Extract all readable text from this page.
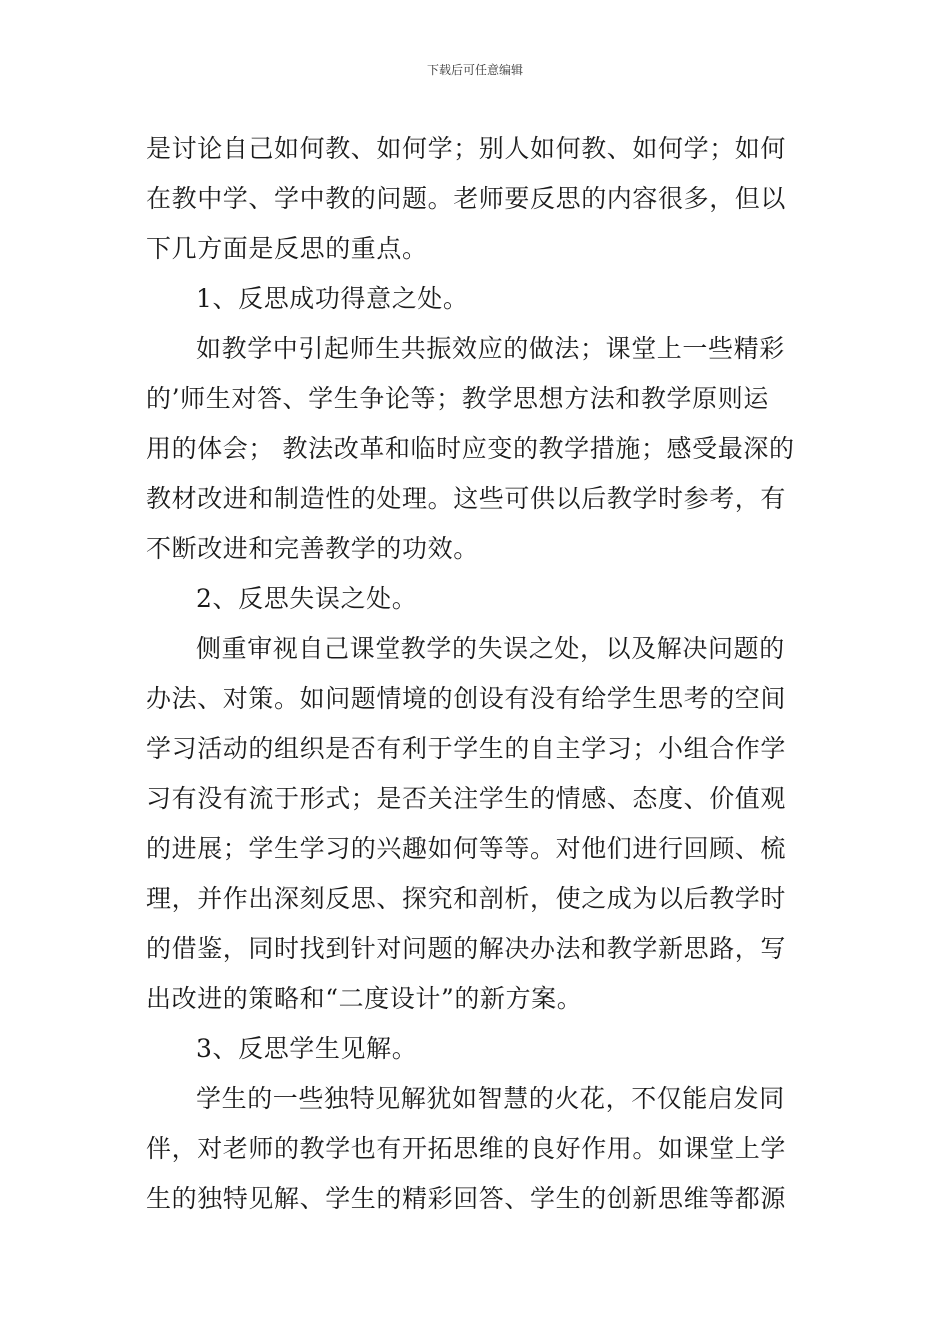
下载后可任意编辑
是讨论自己如何教、如何学；别人如何教、如何学；如何
在教中学、学中教的问题。老师要反思的内容很多，但以
下几方面是反思的重点。
1、反思成功得意之处。
如教学中引起师生共振效应的做法；课堂上一些精彩
的’师生对答、学生争论等；教学思想方法和教学原则运
用的体会； 教法改革和临时应变的教学措施；感受最深的
教材改进和制造性的处理。这些可供以后教学时参考，有
不断改进和完善教学的功效。
2、反思失误之处。
侧重审视自己课堂教学的失误之处，以及解决问题的
办法、对策。如问题情境的创设有没有给学生思考的空间
学习活动的组织是否有利于学生的自主学习；小组合作学
习有没有流于形式；是否关注学生的情感、态度、价值观
的进展；学生学习的兴趣如何等等。对他们进行回顾、梳
理，并作出深刻反思、探究和剖析，使之成为以后教学时
的借鉴，同时找到针对问题的解决办法和教学新思路，写
出改进的策略和“二度设计”的新方案。
3、反思学生见解。
学生的一些独特见解犹如智慧的火花，不仅能启发同
伴，对老师的教学也有开拓思维的良好作用。如课堂上学
生的独特见解、学生的精彩回答、学生的创新思维等都源
